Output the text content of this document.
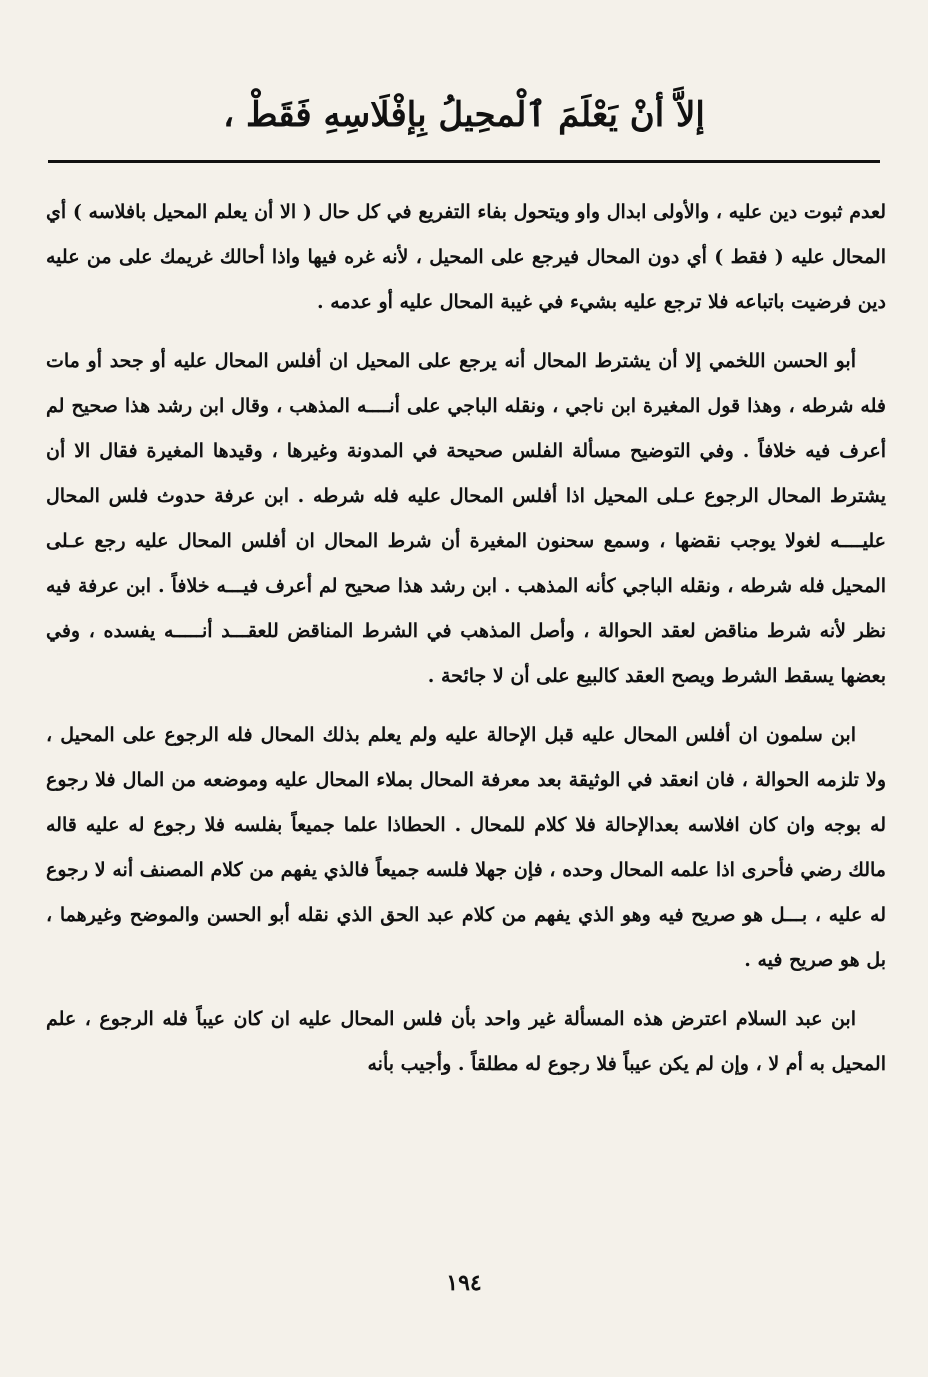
إلاَّ أنْ يَعْلَمَ ٱلْمحِيلُ بِإفْلَاسِهِ فَقَطْ ،

لعدم ثبوت دين عليه ، والأولى ابدال واو ويتحول بفاء التفريع في كل حال ( الا أن يعلم المحيل بافلاسه ) أي المحال عليه ( فقط ) أي دون المحال فيرجع على المحيل ، لأنه غره فيها واذا أحالك غريمك على من عليه دين فرضيت باتباعه فلا ترجع عليه بشيء في غيبة المحال عليه أو عدمه .

أبو الحسن اللخمي إلا أن يشترط المحال أنه يرجع على المحيل ان أفلس المحال عليه أو جحد أو مات فله شرطه ، وهذا قول المغيرة ابن ناجي ، ونقله الباجي على أنــــه المذهب ، وقال ابن رشد هذا صحيح لم أعرف فيه خلافاً . وفي التوضيح مسألة الفلس صحيحة في المدونة وغيرها ، وقيدها المغيرة فقال الا أن يشترط المحال الرجوع عـلى المحيل اذا أفلس المحال عليه فله شرطه . ابن عرفة حدوث فلس المحال عليــــه لغولا يوجب نقضها ، وسمع سحنون المغيرة أن شرط المحال ان أفلس المحال عليه رجع عـلى المحيل فله شرطه ، ونقله الباجي كأنه المذهب . ابن رشد هذا صحيح لم أعرف فيـــه خلافاً . ابن عرفة فيه نظر لأنه شرط مناقض لعقد الحوالة ، وأصل المذهب في الشرط المناقض للعقـــد أنـــــه يفسده ، وفي بعضها يسقط الشرط ويصح العقد كالبيع على أن لا جائحة .

ابن سلمون ان أفلس المحال عليه قبل الإحالة عليه ولم يعلم بذلك المحال فله الرجوع على المحيل ، ولا تلزمه الحوالة ، فان انعقد في الوثيقة بعد معرفة المحال بملاء المحال عليه وموضعه من المال فلا رجوع له بوجه وان كان افلاسه بعدالإحالة فلا كلام للمحال . الحطاذا علما جميعاً بفلسه فلا رجوع له عليه قاله مالك رضي فأحرى اذا علمه المحال وحده ، فإن جهلا فلسه جميعاً فالذي يفهم من كلام المصنف أنه لا رجوع له عليه ، بـــل هو صريح فيه وهو الذي يفهم من كلام عبد الحق الذي نقله أبو الحسن والموضح وغيرهما ، بل هو صريح فيه .

ابن عبد السلام اعترض هذه المسألة غير واحد بأن فلس المحال عليه ان كان عيباً فله الرجوع ، علم المحيل به أم لا ، وإن لم يكن عيباً فلا رجوع له مطلقاً . وأجيب بأنه

١٩٤
